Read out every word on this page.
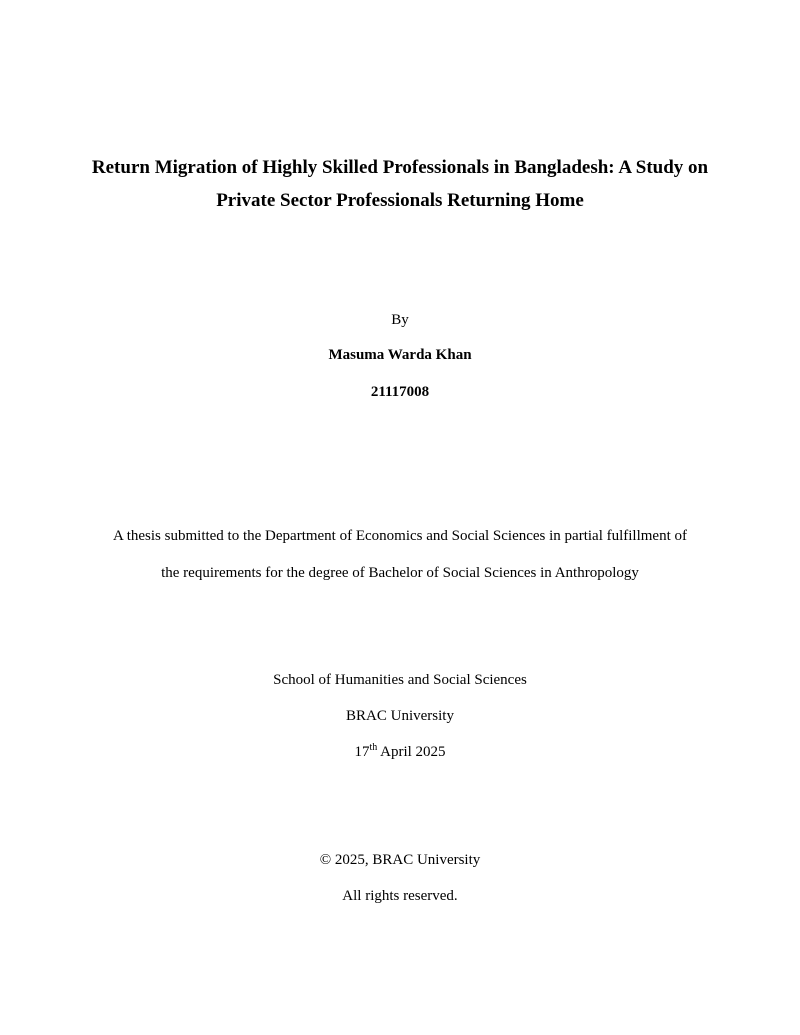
Return Migration of Highly Skilled Professionals in Bangladesh: A Study on
Private Sector Professionals Returning Home
By
Masuma Warda Khan
21117008
A thesis submitted to the Department of Economics and Social Sciences in partial fulfillment of
the requirements for the degree of Bachelor of Social Sciences in Anthropology
School of Humanities and Social Sciences
BRAC University
17th April 2025
© 2025, BRAC University
All rights reserved.
